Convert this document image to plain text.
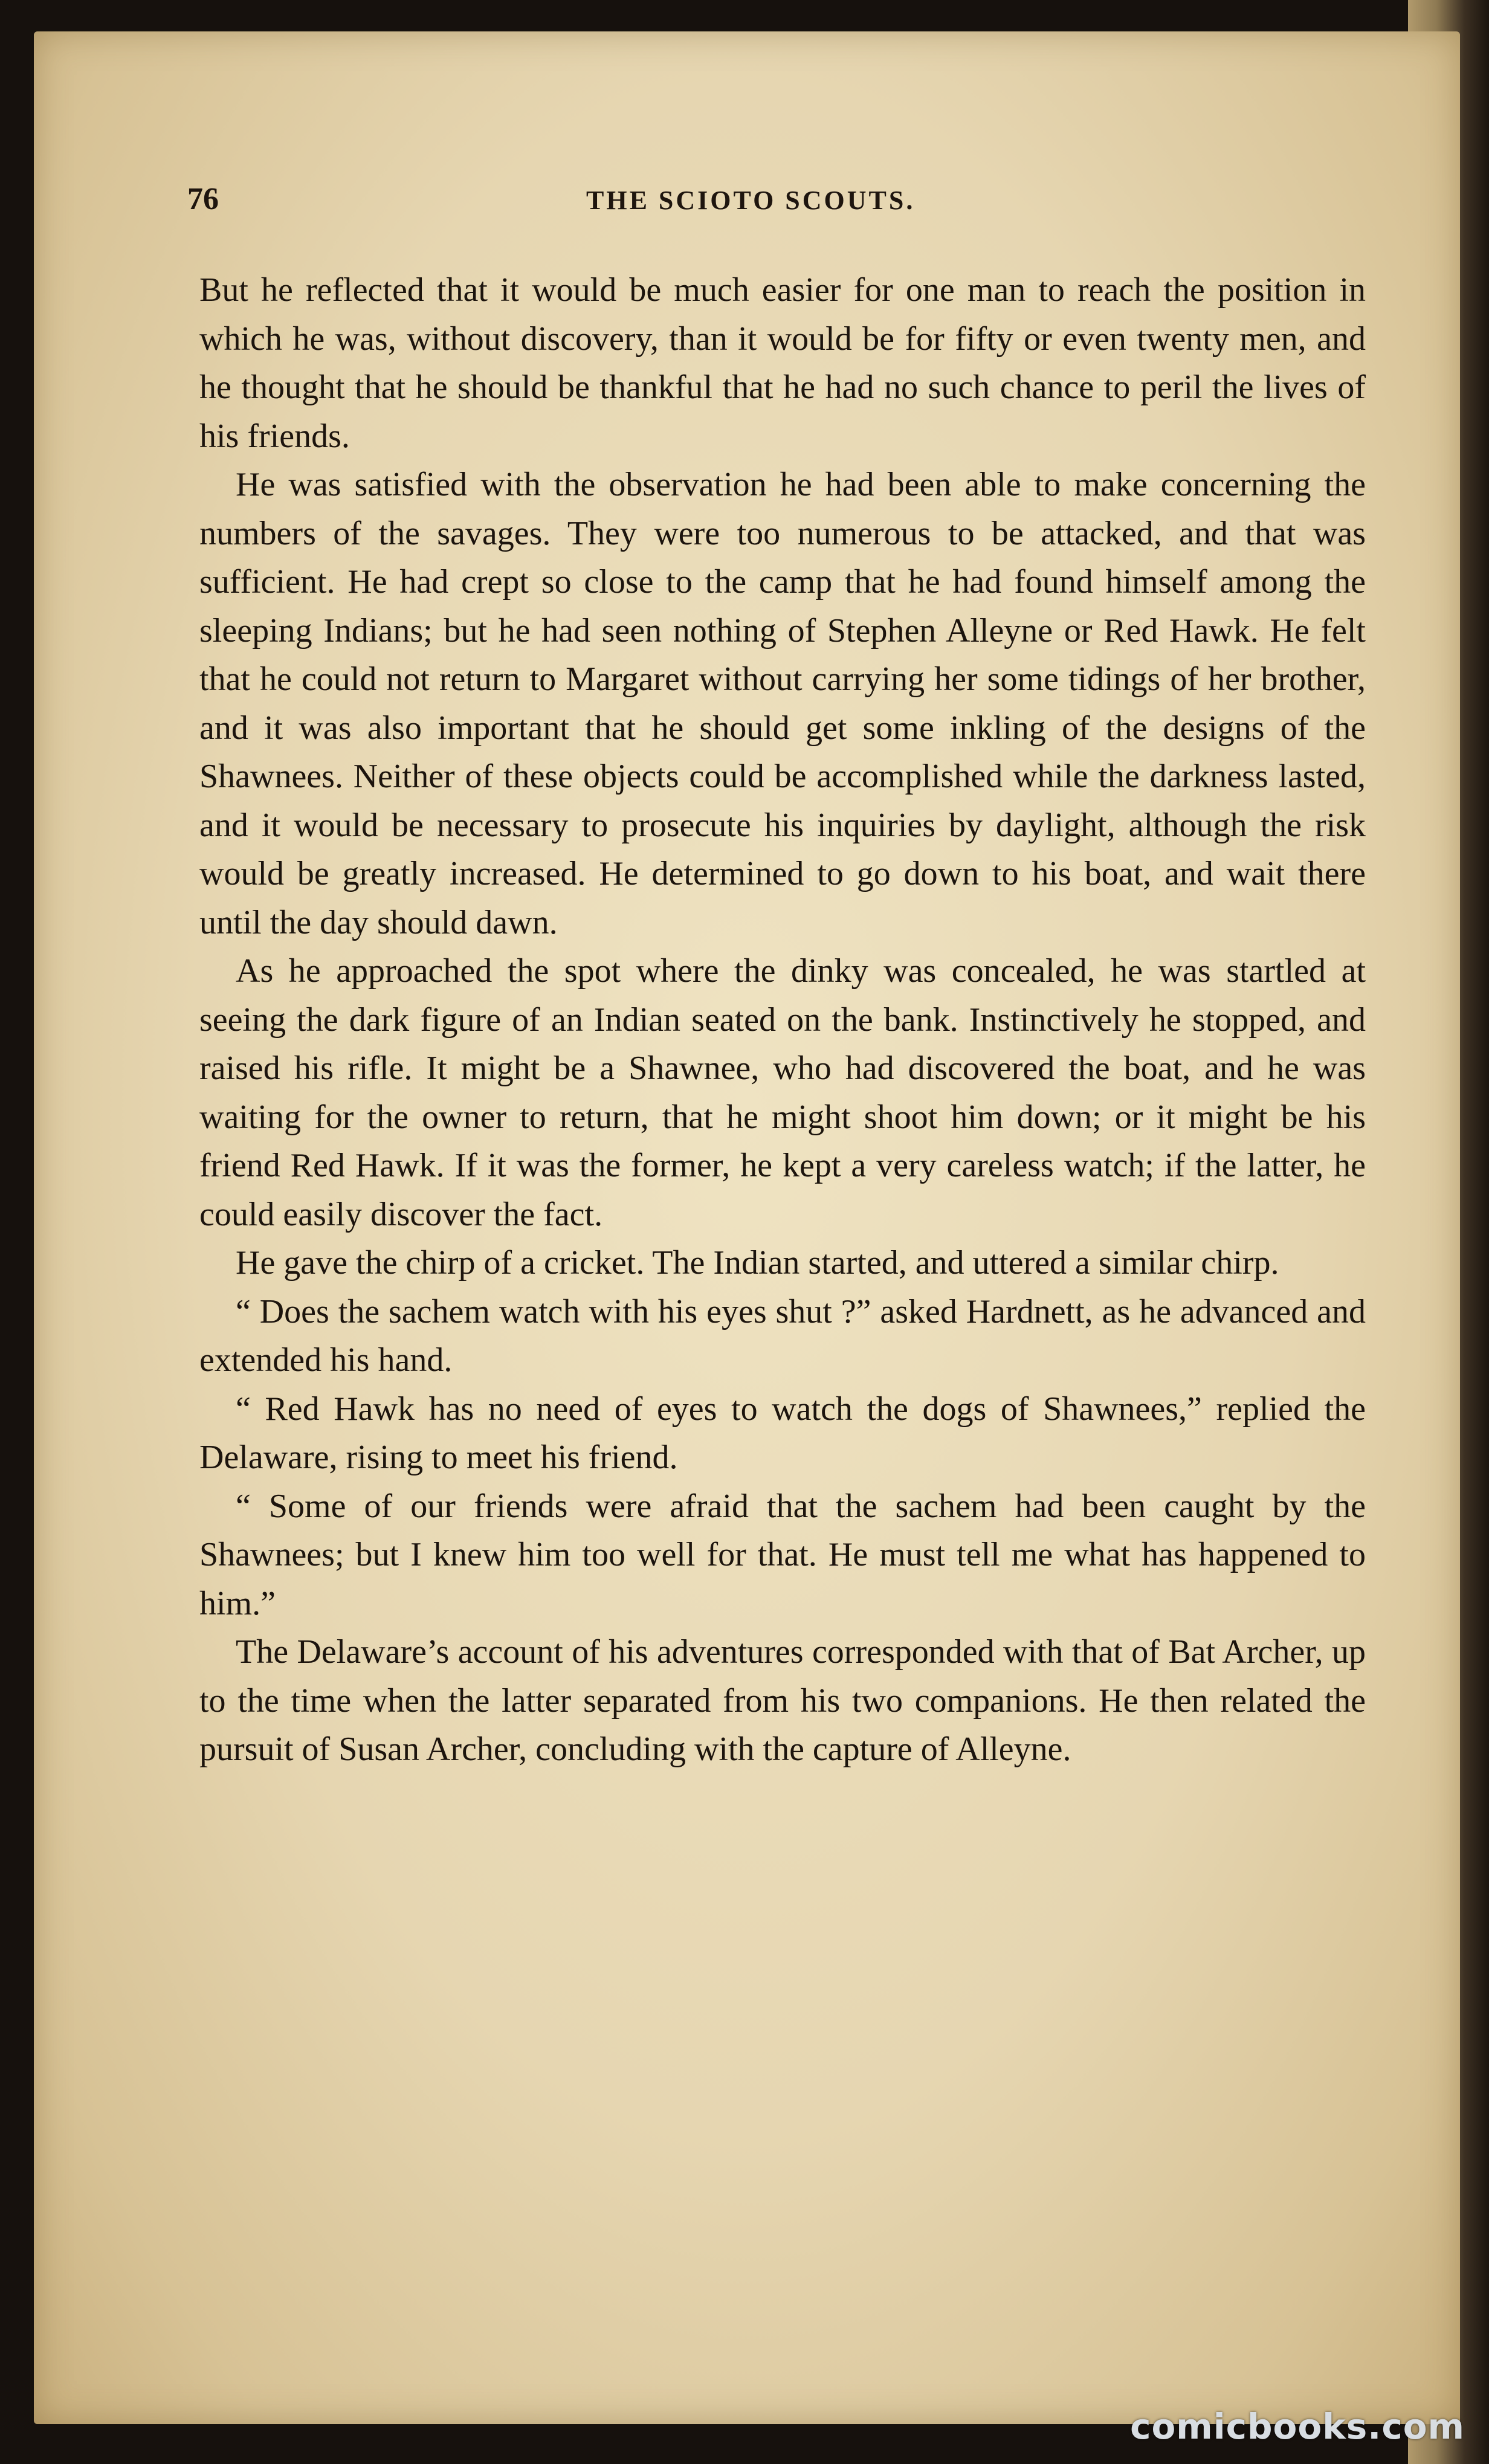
76	THE SCIOTO SCOUTS.

But he reflected that it would be much easier for one man to reach the position in which he was, without discovery, than it would be for fifty or even twenty men, and he thought that he should be thankful that he had no such chance to peril the lives of his friends.

He was satisfied with the observation he had been able to make concerning the numbers of the savages. They were too numerous to be attacked, and that was sufficient. He had crept so close to the camp that he had found himself among the sleeping Indians; but he had seen nothing of Stephen Alleyne or Red Hawk. He felt that he could not return to Margaret without carrying her some tidings of her brother, and it was also important that he should get some inkling of the designs of the Shawnees. Neither of these objects could be accomplished while the darkness lasted, and it would be necessary to prosecute his inquiries by daylight, although the risk would be greatly increased. He determined to go down to his boat, and wait there until the day should dawn.

As he approached the spot where the dinky was concealed, he was startled at seeing the dark figure of an Indian seated on the bank. Instinctively he stopped, and raised his rifle. It might be a Shawnee, who had discovered the boat, and he was waiting for the owner to return, that he might shoot him down; or it might be his friend Red Hawk. If it was the former, he kept a very careless watch; if the latter, he could easily discover the fact.

He gave the chirp of a cricket. The Indian started, and uttered a similar chirp.

“ Does the sachem watch with his eyes shut ?” asked Hardnett, as he advanced and extended his hand.

“ Red Hawk has no need of eyes to watch the dogs of Shawnees,” replied the Delaware, rising to meet his friend.

“ Some of our friends were afraid that the sachem had been caught by the Shawnees; but I knew him too well for that. He must tell me what has happened to him.”

The Delaware’s account of his adventures corresponded with that of Bat Archer, up to the time when the latter separated from his two companions. He then related the pursuit of Susan Archer, concluding with the capture of Alleyne.

comicbooks.com
